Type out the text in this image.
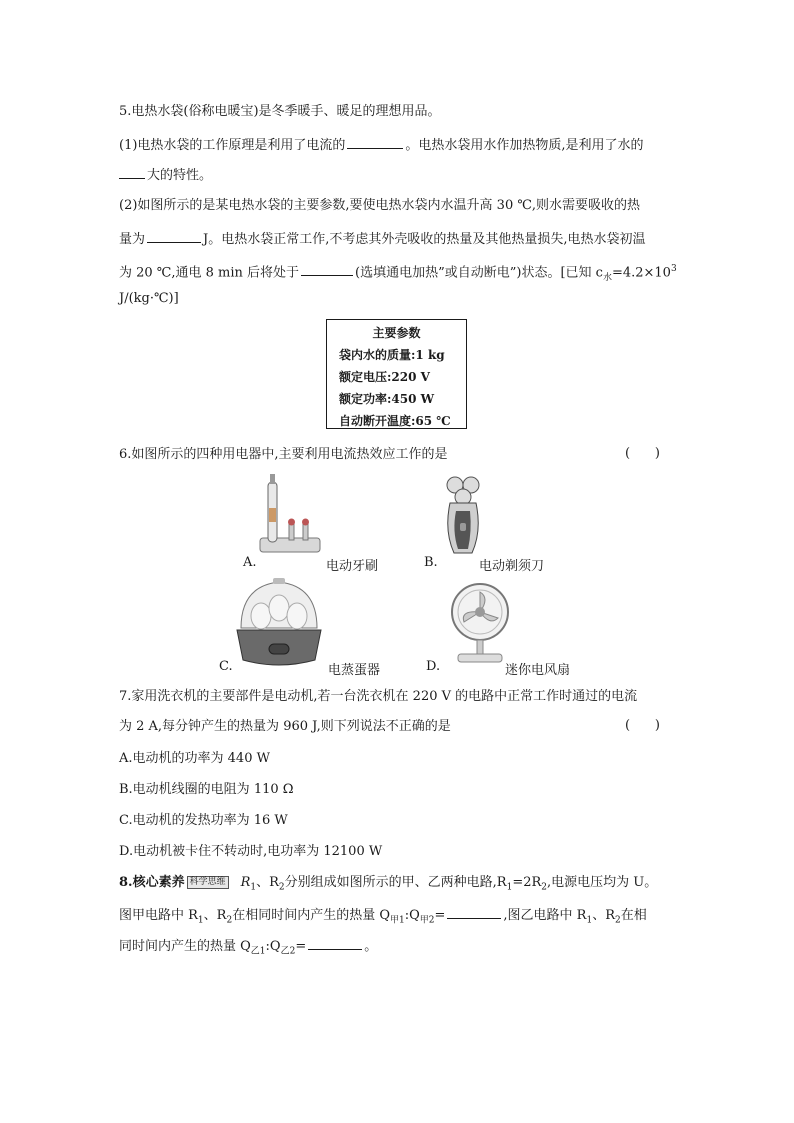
5.电热水袋(俗称电暖宝)是冬季暖手、暖足的理想用品。
(1)电热水袋的工作原理是利用了电流的	。电热水袋用水作加热物质,是利用了水的
大的特性。
(2)如图所示的是某电热水袋的主要参数,要使电热水袋内水温升高 30 ℃,则水需要吸收的热
量为	J。电热水袋正常工作,不考虑其外壳吸收的热量及其他热量损失,电热水袋初温
为 20 ℃,通电 8 min 后将处于	(选填通电加热”或自动断电”)状态。[已知 $c_水=4.2\times 10^3$
J/(kg·℃)]
主要参数
袋内水的质量:1 kg
额定电压:220 V
额定功率:450 W
自动断开温度:65 ℃
6.如图所示的四种用电器中,主要利用电流热效应工作的是	(      )
A.	电动牙刷	B.	电动剃须刀
C.	电蒸蛋器	D.	迷你电风扇
7.家用洗衣机的主要部件是电动机,若一台洗衣机在 220 V 的电路中正常工作时通过的电流
为 2 A,每分钟产生的热量为 960 J,则下列说法不正确的是	(      )
A.电动机的功率为 440 W
B.电动机线圈的电阻为 110 Ω
C.电动机的发热功率为 16 W
D.电动机被卡住不转动时,电功率为 12100 W
8.核心素养 科学思维 $R_1$、$R_2$分别组成如图所示的甲、乙两种电路$,R_1=2R_2$,电源电压均为 U。
图甲电路中 $R_1$、$R_2$在相同时间内产生的热量 $Q_{甲1}:Q_{甲2}=$	,图乙电路中 $R_1$、$R_2$在相
同时间内产生的热量 $Q_{乙1}:Q_{乙2}=$	。
